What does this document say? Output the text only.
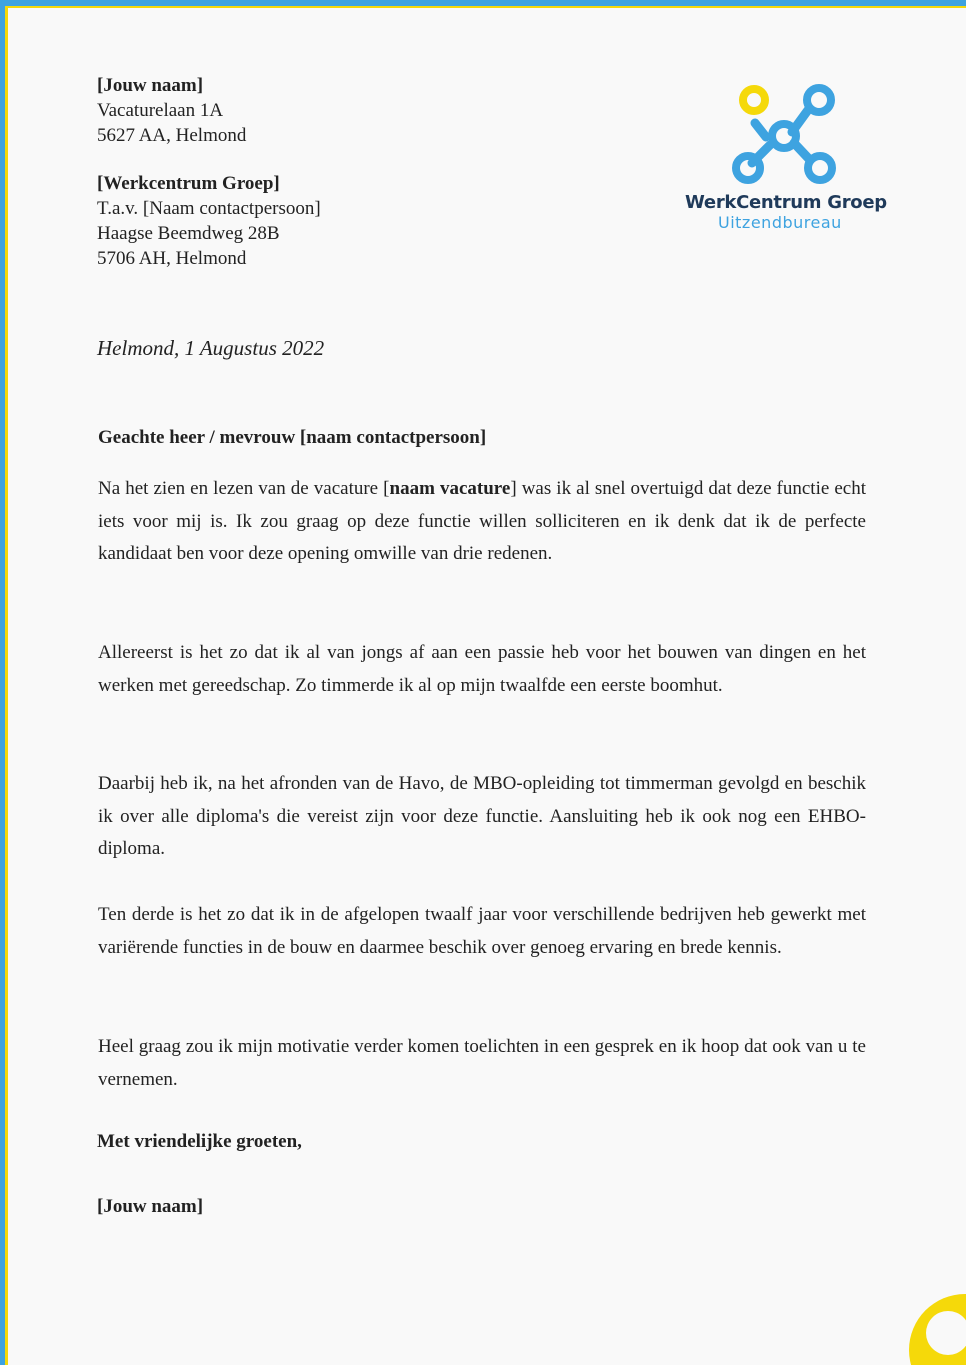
[Jouw naam]
Vacaturelaan 1A
5627 AA, Helmond
[Werkcentrum Groep]
T.a.v. [Naam contactpersoon]
Haagse Beemdweg 28B
5706 AH, Helmond
WerkCentrum Groep
Uitzendbureau
Helmond, 1 Augustus 2022
Geachte heer / mevrouw [naam contactpersoon]

Na het zien en lezen van de vacature [naam vacature] was ik al snel overtuigd dat deze functie echt iets voor mij is. Ik zou graag op deze functie willen solliciteren en ik denk dat ik de perfecte kandidaat ben voor deze opening omwille van drie redenen.

Allereerst is het zo dat ik al van jongs af aan een passie heb voor het bouwen van dingen en het werken met gereedschap. Zo timmerde ik al op mijn twaalfde een eerste boomhut.

Daarbij heb ik, na het afronden van de Havo, de MBO-opleiding tot timmerman gevolgd en beschik ik over alle diploma's die vereist zijn voor deze functie. Aansluiting heb ik ook nog een EHBO-diploma.

Ten derde is het zo dat ik in de afgelopen twaalf jaar voor verschillende bedrijven heb gewerkt met variërende functies in de bouw en daarmee beschik over genoeg ervaring en brede kennis.

Heel graag zou ik mijn motivatie verder komen toelichten in een gesprek en ik hoop dat ook van u te vernemen.

Met vriendelijke groeten,
[Jouw naam]
